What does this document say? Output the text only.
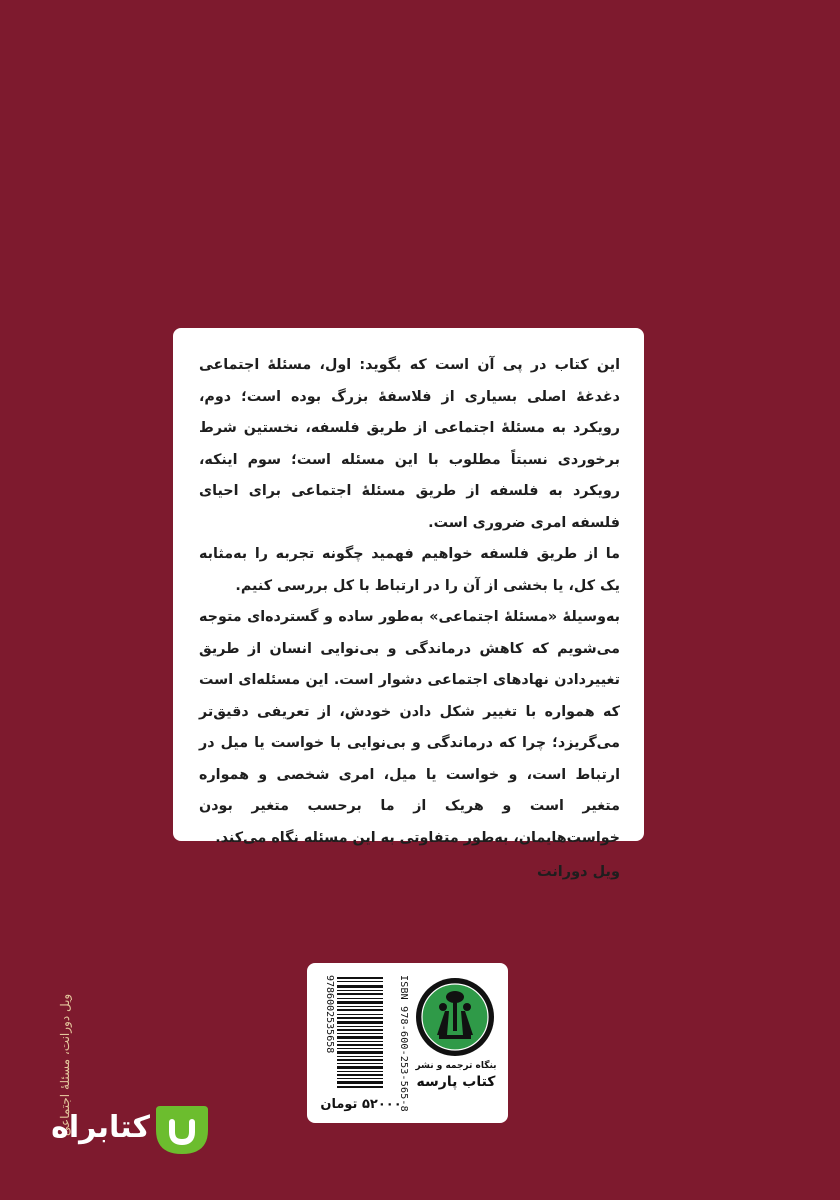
این کتاب در پی آن است که بگوید: اول، مسئلهٔ اجتماعی دغدغهٔ اصلی بسیاری از فلاسفهٔ بزرگ بوده است؛ دوم، رویکرد به مسئلهٔ اجتماعی از طریق فلسفه، نخستین شرط برخوردی نسبتاً مطلوب با این مسئله است؛ سوم اینکه، رویکرد به فلسفه از طریق مسئلهٔ اجتماعی برای احیای فلسفه امری ضروری است.

ما از طریق فلسفه خواهیم فهمید چگونه تجربه را به‌مثابه یک کل، یا بخشی از آن را در ارتباط با کل بررسی کنیم.

به‌وسیلهٔ «مسئلهٔ اجتماعی» به‌طور ساده و گسترده‌ای متوجه می‌شویم که کاهش درماندگی و بی‌نوایی انسان از طریق تغییردادن نهادهای اجتماعی دشوار است. این مسئله‌ای است که همواره با تغییر شکل دادن خودش، از تعریفی دقیق‌تر می‌گریزد؛ چرا که درماندگی و بی‌نوایی با خواست یا میل در ارتباط است، و خواست یا میل، امری شخصی و همواره متغیر است و هریک از ما برحسب متغیر بودن خواست‌هایمان، به‌طور متفاوتی به این مسئله نگاه می‌کند.

ویل دورانت

بنگاه ترجمه و نشر
کتاب پارسه
ISBN 978-600-253-565-8
9786002535658
۵۲۰۰۰ تومان
ویل دورانت، مسئلهٔ اجتماعی
کتابراه
